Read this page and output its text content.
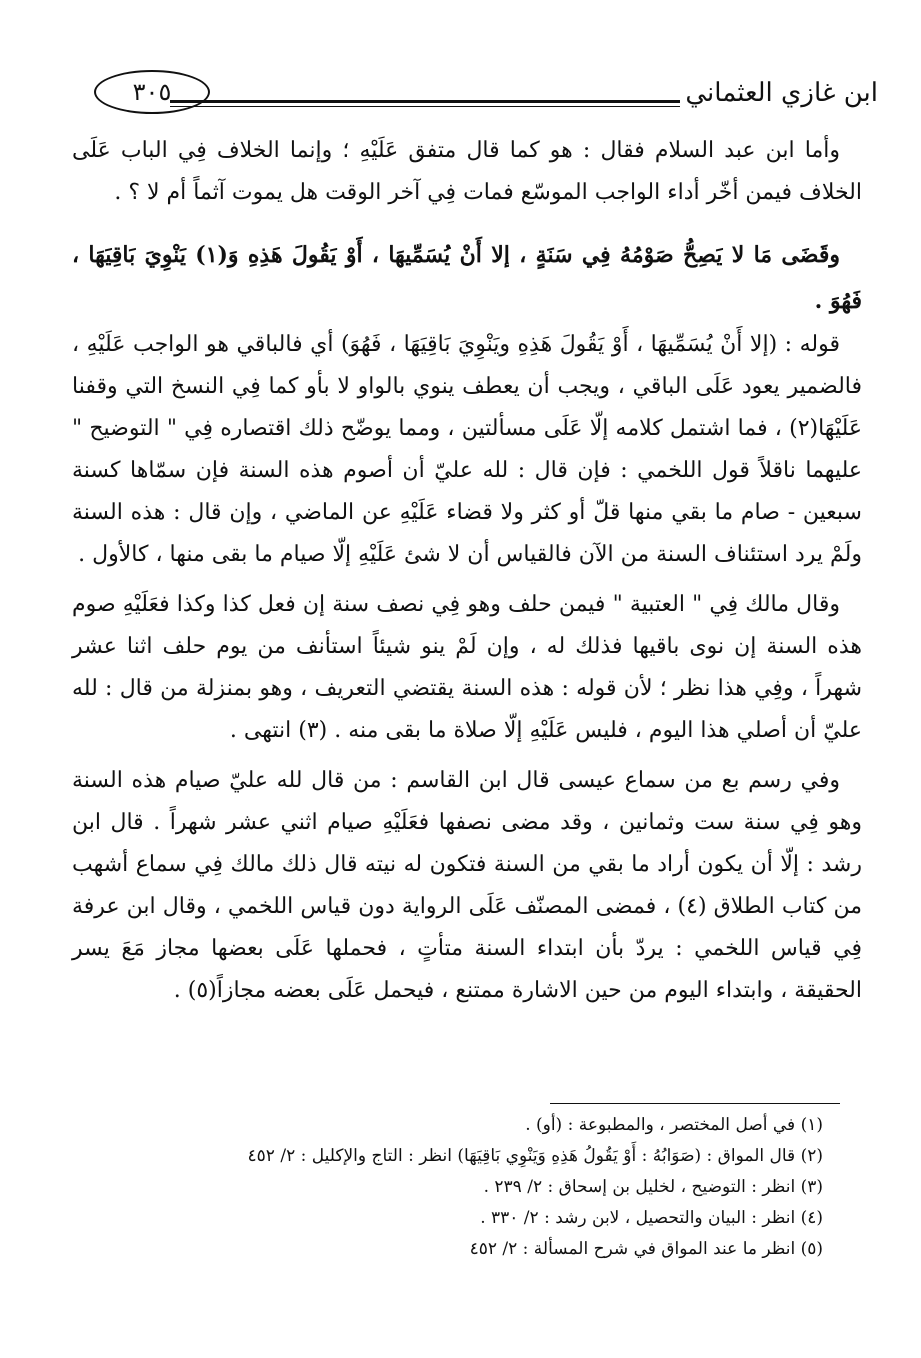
ابن غازي العثماني
٣٠٥

وأما ابن عبد السلام فقال : هو كما قال متفق عَلَيْهِ ؛ وإنما الخلاف فِي الباب عَلَى الخلاف فيمن أخّر أداء الواجب الموسّع فمات فِي آخر الوقت هل يموت آثماً أم لا ؟ .

وقَضَى مَا لا يَصِحُّ صَوْمُهُ فِي سَنَةٍ ، إلا أَنْ يُسَمِّيهَا ، أَوْ يَقُولَ هَذِهِ وَ(١) يَنْوِيَ بَاقِيَهَا ، فَهُوَ .

قوله : (إلا أَنْ يُسَمِّيهَا ، أَوْ يَقُولَ هَذِهِ ويَنْوِيَ بَاقِيَهَا ، فَهُوَ) أي فالباقي هو الواجب عَلَيْهِ ، فالضمير يعود عَلَى الباقي ، ويجب أن يعطف ينوي بالواو لا بأو كما فِي النسخ التي وقفنا عَلَيْهَا(٢) ، فما اشتمل كلامه إلّا عَلَى مسألتين ، ومما يوضّح ذلك اقتصاره فِي " التوضيح " عليهما ناقلاً قول اللخمي : فإن قال : لله عليّ أن أصوم هذه السنة فإن سمّاها كسنة سبعين - صام ما بقي منها قلّ أو كثر ولا قضاء عَلَيْهِ عن الماضي ، وإن قال : هذه السنة ولَمْ يرد استئناف السنة من الآن فالقياس أن لا شئ عَلَيْهِ إلّا صيام ما بقى منها ، كالأول .

وقال مالك فِي " العتبية " فيمن حلف وهو فِي نصف سنة إن فعل كذا وكذا فعَلَيْهِ صوم هذه السنة إن نوى باقيها فذلك له ، وإن لَمْ ينو شيئاً استأنف من يوم حلف اثنا عشر شهراً ، وفِي هذا نظر ؛ لأن قوله : هذه السنة يقتضي التعريف ، وهو بمنزلة من قال : لله عليّ أن أصلي هذا اليوم ، فليس عَلَيْهِ إلّا صلاة ما بقى منه . (٣) انتهى .

وفي رسم بع من سماع عيسى قال ابن القاسم : من قال لله عليّ صيام هذه السنة وهو فِي سنة ست وثمانين ، وقد مضى نصفها فعَلَيْهِ صيام اثني عشر شهراً . قال ابن رشد : إلّا أن يكون أراد ما بقي من السنة فتكون له نيته قال ذلك مالك فِي سماع أشهب من كتاب الطلاق (٤) ، فمضى المصنّف عَلَى الرواية دون قياس اللخمي ، وقال ابن عرفة فِي قياس اللخمي : يردّ بأن ابتداء السنة متأتٍ ، فحملها عَلَى بعضها مجاز مَعَ يسر الحقيقة ، وابتداء اليوم من حين الاشارة ممتنع ، فيحمل عَلَى بعضه مجازاً(٥) .

(١) في أصل المختصر ، والمطبوعة : (أو) .

(٢) قال المواق : (صَوَابُهُ : أَوْ يَقُولُ هَذِهِ وَيَنْوِي بَاقِيَهَا) انظر : التاج والإكليل : ٢/ ٤٥٢

(٣) انظر : التوضيح ، لخليل بن إسحاق : ٢/ ٢٣٩ .

(٤) انظر : البيان والتحصيل ، لابن رشد : ٢/ ٣٣٠ .

(٥) انظر ما عند المواق في شرح المسألة : ٢/ ٤٥٢
